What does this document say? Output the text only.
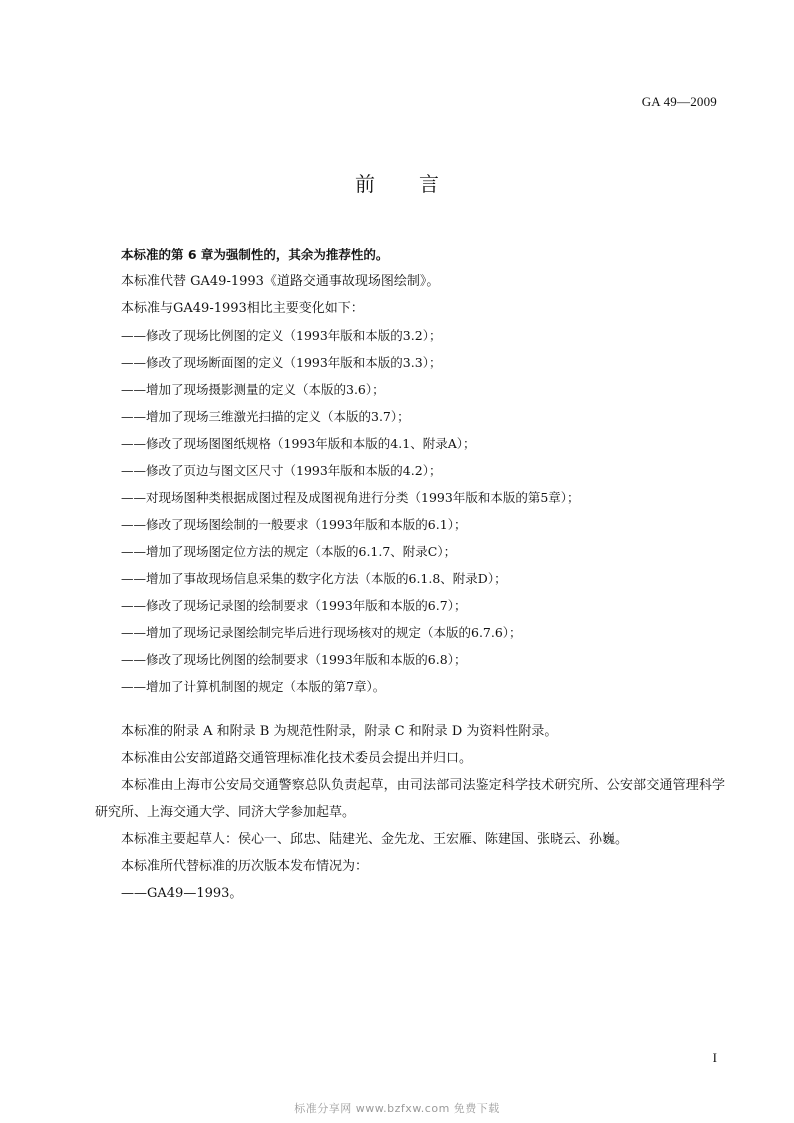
GA 49—2009
前言

本标准的第 6 章为强制性的，其余为推荐性的。

本标准代替 GA49-1993《道路交通事故现场图绘制》。

本标准与GA49-1993相比主要变化如下：

——修改了现场比例图的定义（1993年版和本版的3.2）；
——修改了现场断面图的定义（1993年版和本版的3.3）；
——增加了现场摄影测量的定义（本版的3.6）；
——增加了现场三维激光扫描的定义（本版的3.7）；
——修改了现场图图纸规格（1993年版和本版的4.1、附录A）；
——修改了页边与图文区尺寸（1993年版和本版的4.2）；
——对现场图种类根据成图过程及成图视角进行分类（1993年版和本版的第5章）；
——修改了现场图绘制的一般要求（1993年版和本版的6.1）；
——增加了现场图定位方法的规定（本版的6.1.7、附录C）；
——增加了事故现场信息采集的数字化方法（本版的6.1.8、附录D）；
——修改了现场记录图的绘制要求（1993年版和本版的6.7）；
——增加了现场记录图绘制完毕后进行现场核对的规定（本版的6.7.6）；
——修改了现场比例图的绘制要求（1993年版和本版的6.8）；
——增加了计算机制图的规定（本版的第7章）。

本标准的附录 A 和附录 B 为规范性附录，附录 C 和附录 D 为资料性附录。

本标准由公安部道路交通管理标准化技术委员会提出并归口。

本标准由上海市公安局交通警察总队负责起草，由司法部司法鉴定科学技术研究所、公安部交通管理科学研究所、上海交通大学、同济大学参加起草。

本标准主要起草人：侯心一、邱忠、陆建光、金先龙、王宏雁、陈建国、张晓云、孙巍。

本标准所代替标准的历次版本发布情况为：

——GA49—1993。

I
标准分享网 www.bzfxw.com 免费下载
